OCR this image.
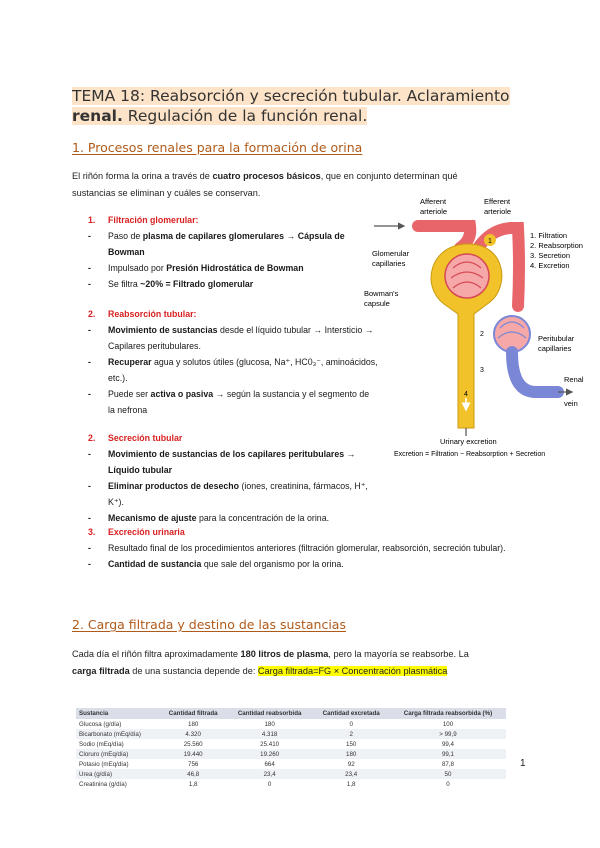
TEMA 18: Reabsorción y secreción tubular. Aclaramiento
renal. Regulación de la función renal.
1. Procesos renales para la formación de orina
El riñón forma la orina a través de cuatro procesos básicos, que en conjunto determinan qué
sustancias se eliminan y cuáles se conservan.
1. Filtración glomerular:
-	Paso de plasma de capilares glomerulares → Cápsula de Bowman
-	Impulsado por Presión Hidrostática de Bowman
-	Se filtra ~20% = Filtrado glomerular
2. Reabsorción tubular:
-	Movimiento de sustancias desde el líquido tubular → Intersticio → Capilares peritubulares.
-	Recuperar agua y solutos útiles (glucosa, Na⁺, HC0₃⁻, aminoácidos, etc.).
-	Puede ser activa o pasiva → según la sustancia y el segmento de la nefrona
2. Secreción tubular
-	Movimiento de sustancias de los capilares peritubulares → Líquido tubular
-	Eliminar productos de desecho (iones, creatinina, fármacos, H⁺, K⁺).
-	Mecanismo de ajuste para la concentración de la orina.
3. Excreción urinaria
-	Resultado final de los procedimientos anteriores (filtración glomerular, reabsorción, secreción tubular).
-	Cantidad de sustancia que sale del organismo por la orina.
1
2
3
4
Afferent
arteriole
Efferent
arteriole
Glomerular
capillaries
Bowman's
capsule
Peritubular
capillaries
Renal
vein
Urinary excretion
Excretion = Filtration − Reabsorption + Secretion
1. Filtration
2. Reabsorption
3. Secretion
4. Excretion
2. Carga filtrada y destino de las sustancias
Cada día el riñón filtra aproximadamente 180 litros de plasma, pero la mayoría se reabsorbe. La
carga filtrada de una sustancia depende de: Carga filtrada=FG × Concentración plasmática
Sustancia	Cantidad filtrada	Cantidad reabsorbida	Cantidad excretada	Carga filtrada reabsorbida (%)
Glucosa (g/día)	180	180	0	100
Bicarbonato (mEq/día)	4.320	4.318	2	> 99,9
Sodio (mEq/día)	25.560	25.410	150	99,4
Cloruro (mEq/día)	19.440	19.260	180	99,1
Potasio (mEq/día)	756	664	92	87,8
Urea (g/día)	46,8	23,4	23,4	50
Creatinina (g/día)	1,8	0	1,8	0
1
